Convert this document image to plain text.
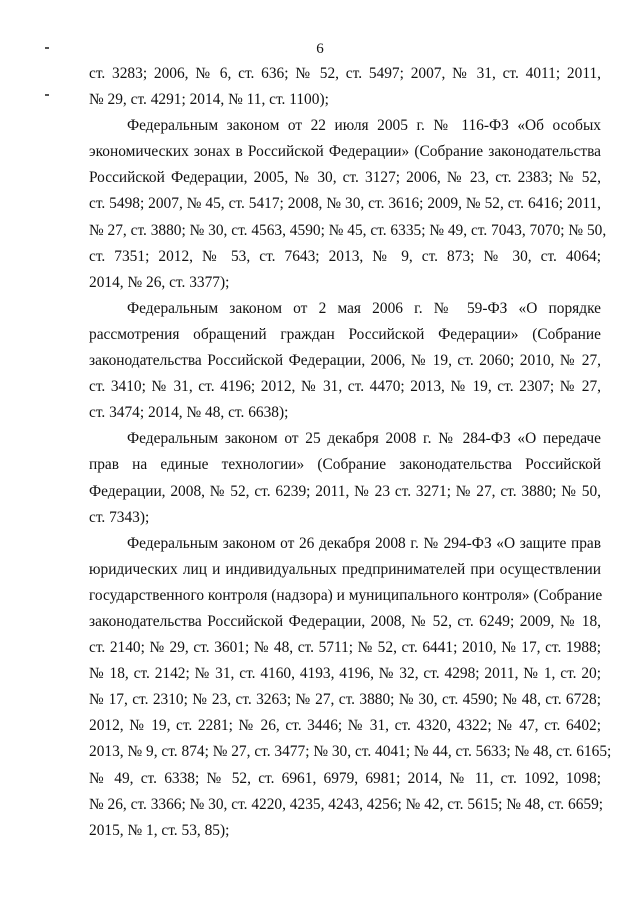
6

ст. 3283; 2006, № 6, ст. 636; № 52, ст. 5497; 2007, № 31, ст. 4011; 2011,
№ 29, ст. 4291; 2014, № 11, ст. 1100);

Федеральным законом от 22 июля 2005 г. № 116-ФЗ «Об особых
экономических зонах в Российской Федерации» (Собрание законодательства
Российской Федерации, 2005, № 30, ст. 3127; 2006, № 23, ст. 2383; № 52,
ст. 5498; 2007, № 45, ст. 5417; 2008, № 30, ст. 3616; 2009, № 52, ст. 6416; 2011,
№ 27, ст. 3880; № 30, ст. 4563, 4590; № 45, ст. 6335; № 49, ст. 7043, 7070; № 50,
ст. 7351; 2012, № 53, ст. 7643; 2013, № 9, ст. 873; № 30, ст. 4064;
2014, № 26, ст. 3377);

Федеральным законом от 2 мая 2006 г. № 59-ФЗ «О порядке
рассмотрения обращений граждан Российской Федерации» (Собрание
законодательства Российской Федерации, 2006, № 19, ст. 2060; 2010, № 27,
ст. 3410; № 31, ст. 4196; 2012, № 31, ст. 4470; 2013, № 19, ст. 2307; № 27,
ст. 3474; 2014, № 48, ст. 6638);

Федеральным законом от 25 декабря 2008 г. № 284-ФЗ «О передаче
прав на единые технологии» (Собрание законодательства Российской
Федерации, 2008, № 52, ст. 6239; 2011, № 23 ст. 3271; № 27, ст. 3880; № 50,
ст. 7343);

Федеральным законом от 26 декабря 2008 г. № 294-ФЗ «О защите прав
юридических лиц и индивидуальных предпринимателей при осуществлении
государственного контроля (надзора) и муниципального контроля» (Собрание
законодательства Российской Федерации, 2008, № 52, ст. 6249; 2009, № 18,
ст. 2140; № 29, ст. 3601; № 48, ст. 5711; № 52, ст. 6441; 2010, № 17, ст. 1988;
№ 18, ст. 2142; № 31, ст. 4160, 4193, 4196, № 32, ст. 4298; 2011, № 1, ст. 20;
№ 17, ст. 2310; № 23, ст. 3263; № 27, ст. 3880; № 30, ст. 4590; № 48, ст. 6728;
2012, № 19, ст. 2281; № 26, ст. 3446; № 31, ст. 4320, 4322; № 47, ст. 6402;
2013, № 9, ст. 874; № 27, ст. 3477; № 30, ст. 4041; № 44, ст. 5633; № 48, ст. 6165;
№ 49, ст. 6338; № 52, ст. 6961, 6979, 6981; 2014, № 11, ст. 1092, 1098;
№ 26, ст. 3366; № 30, ст. 4220, 4235, 4243, 4256; № 42, ст. 5615; № 48, ст. 6659;
2015, № 1, ст. 53, 85);
